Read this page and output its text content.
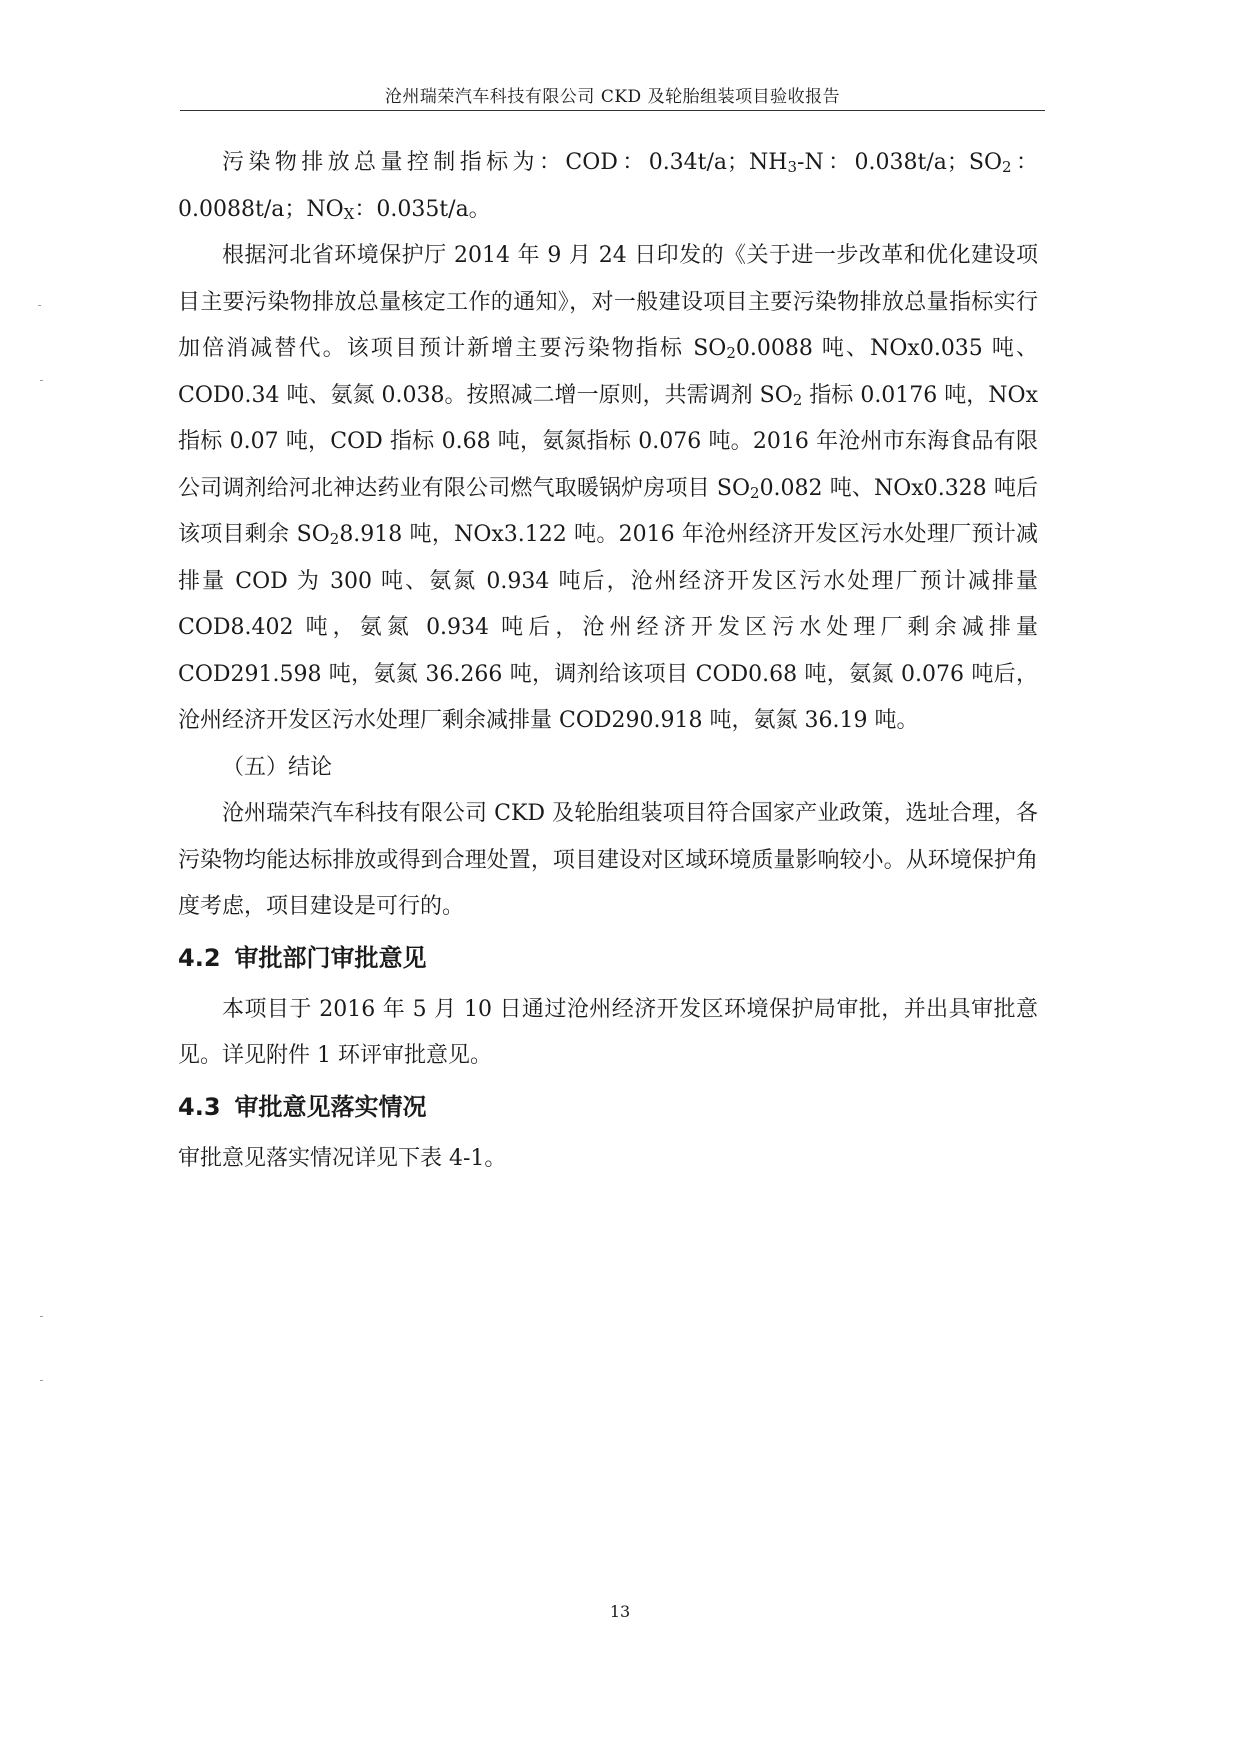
沧州瑞荣汽车科技有限公司 CKD 及轮胎组装项目验收报告

污染物排放总量控制指标为：COD：0.34t/a；$NH_3-N$：0.038t/a；$SO_2$：0.0088t/a；$NO_X$：0.035t/a。

根据河北省环境保护厅 2014 年 9 月 24 日印发的《关于进一步改革和优化建设项目主要污染物排放总量核定工作的通知》，对一般建设项目主要污染物排放总量指标实行加倍消减替代。该项目预计新增主要污染物指标 $SO_20.0088$ 吨、NOx0.035 吨、COD0.34 吨、氨氮 0.038。按照减二增一原则，共需调剂 $SO_2$ 指标 0.0176 吨，NOx 指标 0.07 吨，COD 指标 0.68 吨，氨氮指标 0.076 吨。2016 年沧州市东海食品有限公司调剂给河北神达药业有限公司燃气取暖锅炉房项目 $SO_20.082$ 吨、NOx0.328 吨后该项目剩余 $SO_28.918$ 吨，NOx3.122 吨。2016 年沧州经济开发区污水处理厂预计减排量 COD 为 300 吨、氨氮 0.934 吨后，沧州经济开发区污水处理厂预计减排量 COD8.402 吨，氨氮 0.934 吨后，沧州经济开发区污水处理厂剩余减排量 COD291.598 吨，氨氮 36.266 吨，调剂给该项目 COD0.68 吨，氨氮 0.076 吨后，沧州经济开发区污水处理厂剩余减排量 COD290.918 吨，氨氮 36.19 吨。

（五）结论

沧州瑞荣汽车科技有限公司 CKD 及轮胎组装项目符合国家产业政策，选址合理，各污染物均能达标排放或得到合理处置，项目建设对区域环境质量影响较小。从环境保护角度考虑，项目建设是可行的。

4.2 审批部门审批意见

本项目于 2016 年 5 月 10 日通过沧州经济开发区环境保护局审批，并出具审批意见。详见附件 1 环评审批意见。

4.3 审批意见落实情况

审批意见落实情况详见下表 4-1。

13
